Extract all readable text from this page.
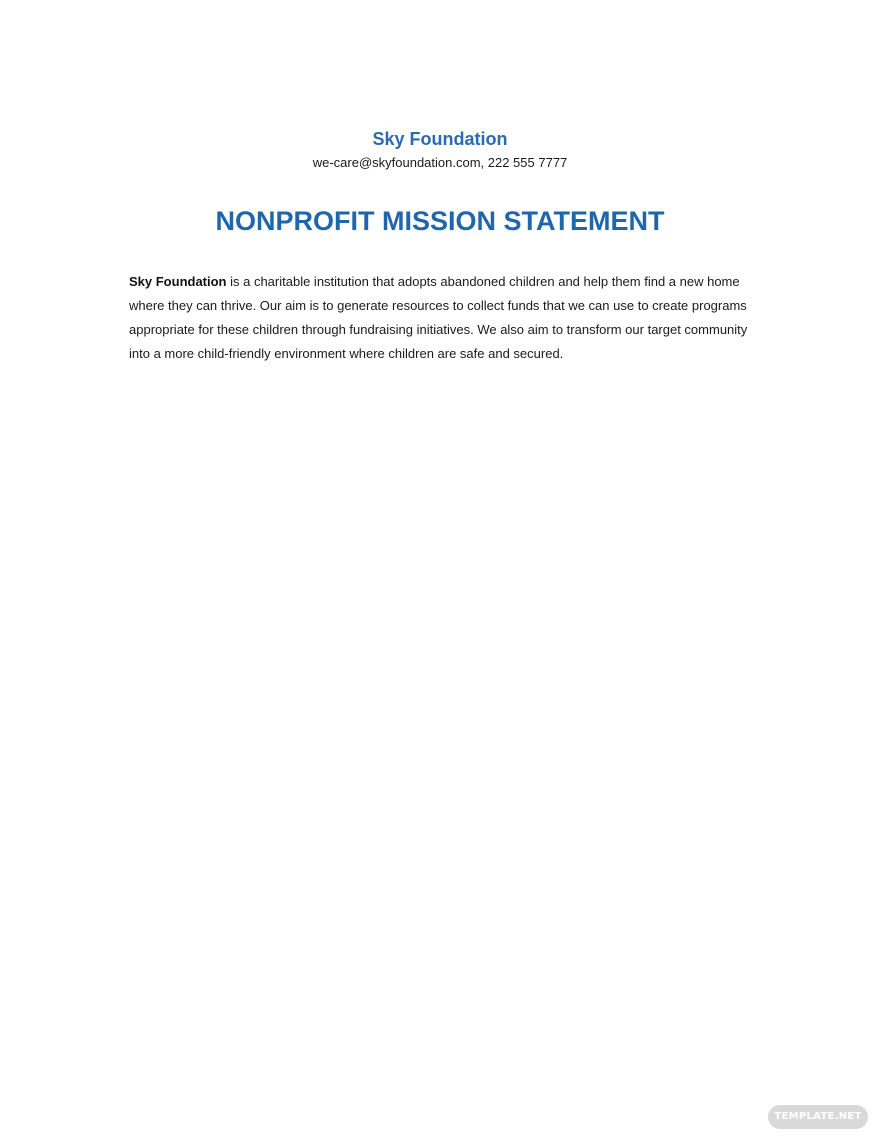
Sky Foundation
we-care@skyfoundation.com, 222 555 7777
NONPROFIT MISSION STATEMENT

Sky Foundation is a charitable institution that adopts abandoned children and help them find a new home where they can thrive. Our aim is to generate resources to collect funds that we can use to create programs appropriate for these children through fundraising initiatives. We also aim to transform our target community into a more child-friendly environment where children are safe and secured.

TEMPLATE.NET
